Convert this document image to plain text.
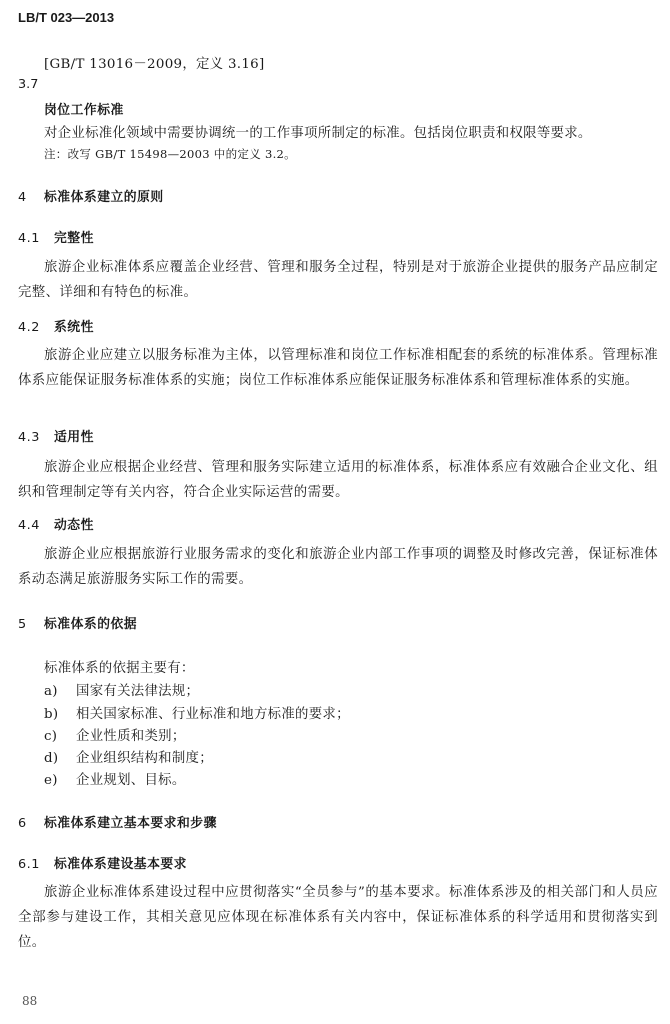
LB/T 023—2013
[GB/T 13016－2009，定义 3.16]
3.7
岗位工作标准
对企业标准化领域中需要协调统一的工作事项所制定的标准。包括岗位职责和权限等要求。
注：改写 GB/T 15498—2003 中的定义 3.2。
4 标准体系建立的原则
4.1 完整性

旅游企业标准体系应覆盖企业经营、管理和服务全过程，特别是对于旅游企业提供的服务产品应制定完整、详细和有特色的标准。

4.2 系统性

旅游企业应建立以服务标准为主体，以管理标准和岗位工作标准相配套的系统的标准体系。管理标准体系应能保证服务标准体系的实施；岗位工作标准体系应能保证服务标准体系和管理标准体系的实施。

4.3 适用性

旅游企业应根据企业经营、管理和服务实际建立适用的标准体系，标准体系应有效融合企业文化、组织和管理制定等有关内容，符合企业实际运营的需要。

4.4 动态性

旅游企业应根据旅游行业服务需求的变化和旅游企业内部工作事项的调整及时修改完善，保证标准体系动态满足旅游服务实际工作的需要。

5 标准体系的依据
标准体系的依据主要有：
a) 国家有关法律法规；
b) 相关国家标准、行业标准和地方标准的要求；
c) 企业性质和类别；
d) 企业组织结构和制度；
e) 企业规划、目标。
6 标准体系建立基本要求和步骤
6.1 标准体系建设基本要求

旅游企业标准体系建设过程中应贯彻落实“全员参与”的基本要求。标准体系涉及的相关部门和人员应全部参与建设工作，其相关意见应体现在标准体系有关内容中，保证标准体系的科学适用和贯彻落实到位。

88
